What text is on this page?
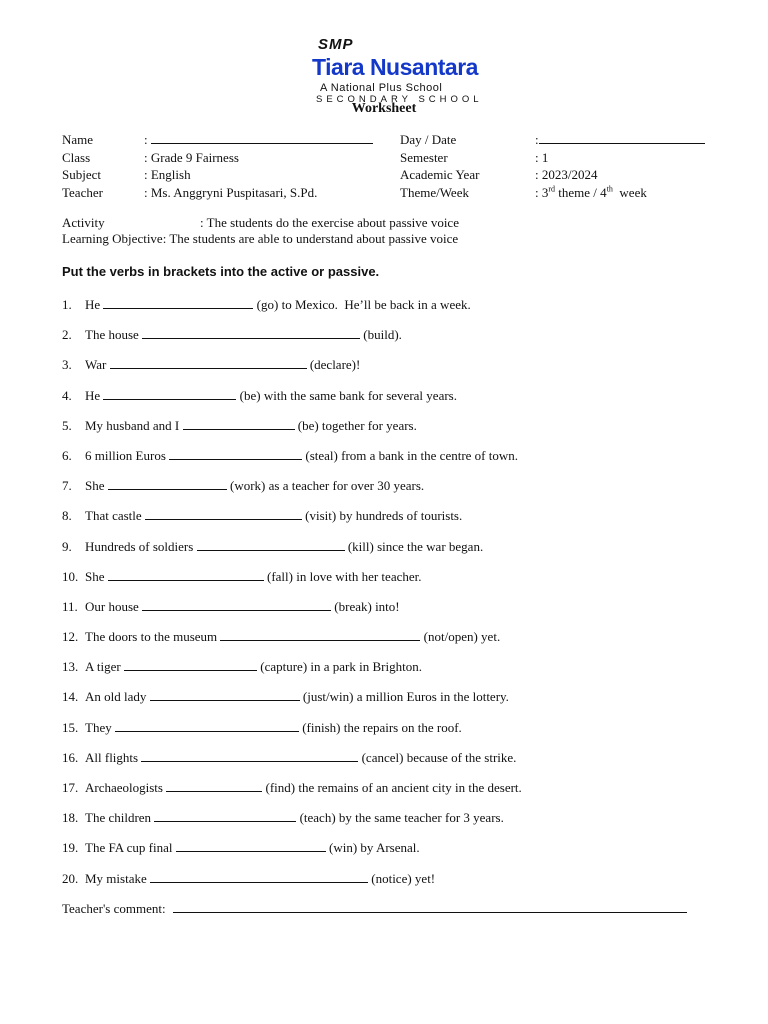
SMP
Tiara Nusantara
A National Plus School
SECONDARY SCHOOL
Worksheet
Name	:	Day / Date	:
Class	: Grade 9 Fairness	Semester	: 1
Subject	: English	Academic Year	: 2023/2024
Teacher	: Ms. Anggryni Puspitasari, S.Pd.	Theme/Week	: 3rd theme / 4th  week
Activity	: The students do the exercise about passive voice
Learning Objective: The students are able to understand about passive voice
Put the verbs in brackets into the active or passive.
1. He	(go) to Mexico.  He’ll be back in a week.
2. The house	(build).
3. War	(declare)!
4. He	(be) with the same bank for several years.
5. My husband and I	(be) together for years.
6. 6 million Euros	(steal) from a bank in the centre of town.
7. She	(work) as a teacher for over 30 years.
8. That castle	(visit) by hundreds of tourists.
9. Hundreds of soldiers	(kill) since the war began.
10. She	(fall) in love with her teacher.
11. Our house	(break) into!
12. The doors to the museum	(not/open) yet.
13. A tiger	(capture) in a park in Brighton.
14. An old lady	(just/win) a million Euros in the lottery.
15. They	(finish) the repairs on the roof.
16. All flights	(cancel) because of the strike.
17. Archaeologists	(find) the remains of an ancient city in the desert.
18. The children	(teach) by the same teacher for 3 years.
19. The FA cup final	(win) by Arsenal.
20. My mistake	(notice) yet!
Teacher's comment:
